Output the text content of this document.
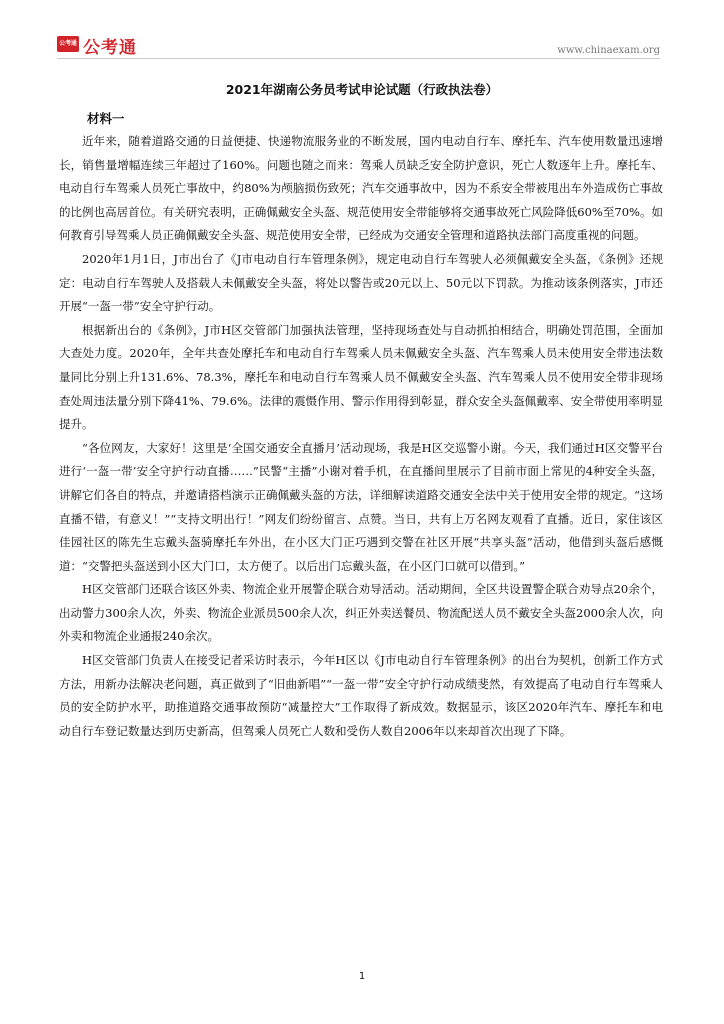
公考通 公考通	www.chinaexam.org
2021年湖南公务员考试申论试题（行政执法卷）
材料一

近年来，随着道路交通的日益便捷、快递物流服务业的不断发展，国内电动自行车、摩托车、汽车使用数量迅速增长，销售量增幅连续三年超过了160%。问题也随之而来：驾乘人员缺乏安全防护意识，死亡人数逐年上升。摩托车、电动自行车驾乘人员死亡事故中，约80%为颅脑损伤致死；汽车交通事故中，因为不系安全带被甩出车外造成伤亡事故的比例也高居首位。有关研究表明，正确佩戴安全头盔、规范使用安全带能够将交通事故死亡风险降低60%至70%。如何教育引导驾乘人员正确佩戴安全头盔、规范使用安全带，已经成为交通安全管理和道路执法部门高度重视的问题。

2020年1月1日，J市出台了《J市电动自行车管理条例》，规定电动自行车驾驶人必须佩戴安全头盔，《条例》还规定：电动自行车驾驶人及搭载人未佩戴安全头盔，将处以警告或20元以上、50元以下罚款。为推动该条例落实，J市还开展“一盔一带”安全守护行动。

根据新出台的《条例》，J市H区交管部门加强执法管理，坚持现场查处与自动抓拍相结合，明确处罚范围，全面加大查处力度。2020年，全年共查处摩托车和电动自行车驾乘人员未佩戴安全头盔、汽车驾乘人员未使用安全带违法数量同比分别上升131.6%、78.3%，摩托车和电动自行车驾乘人员不佩戴安全头盔、汽车驾乘人员不使用安全带非现场查处周违法量分别下降41%、79.6%。法律的震慑作用、警示作用得到彰显，群众安全头盔佩戴率、安全带使用率明显提升。

“各位网友，大家好！这里是‘全国交通安全直播月’活动现场，我是H区交巡警小谢。今天，我们通过H区交警平台进行‘一盔一带’安全守护行动直播……”民警“主播”小谢对着手机，在直播间里展示了目前市面上常见的4种安全头盔，讲解它们各自的特点，并邀请搭档演示正确佩戴头盔的方法，详细解读道路交通安全法中关于使用安全带的规定。“这场直播不错，有意义！”“支持文明出行！”网友们纷纷留言、点赞。当日，共有上万名网友观看了直播。近日，家住该区佳园社区的陈先生忘戴头盔骑摩托车外出，在小区大门正巧遇到交警在社区开展“共享头盔”活动，他借到头盔后感慨道：“交警把头盔送到小区大门口，太方便了。以后出门忘戴头盔，在小区门口就可以借到。”

H区交管部门还联合该区外卖、物流企业开展警企联合劝导活动。活动期间，全区共设置警企联合劝导点20余个，出动警力300余人次，外卖、物流企业派员500余人次，纠正外卖送餐员、物流配送人员不戴安全头盔2000余人次，向外卖和物流企业通报240余次。

H区交管部门负责人在接受记者采访时表示，今年H区以《J市电动自行车管理条例》的出台为契机，创新工作方式方法，用新办法解决老问题，真正做到了“旧曲新唱”“一盔一带”安全守护行动成绩斐然，有效提高了电动自行车驾乘人员的安全防护水平，助推道路交通事故预防“减量控大”工作取得了新成效。数据显示，该区2020年汽车、摩托车和电动自行车登记数量达到历史新高，但驾乘人员死亡人数和受伤人数自2006年以来却首次出现了下降。

1
